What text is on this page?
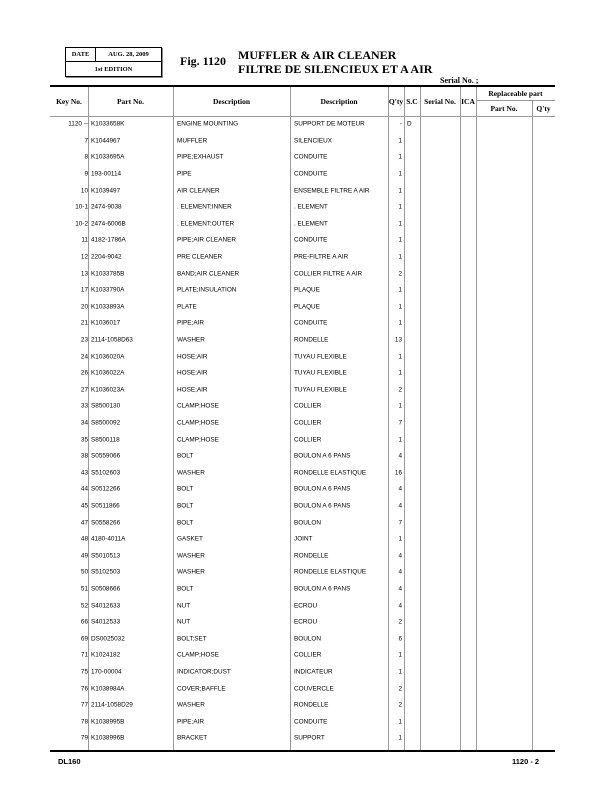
DATE	AUG. 28, 2009
1st EDITION
Fig. 1120 MUFFLER & AIR CLEANER
FILTRE DE SILENCIEUX ET A AIR
Serial No. ;
Key No.	Part No.	Description	Description	Q'ty S.C Serial No. ICA
Replaceable part
Part No.	Q'ty
1120 -- K1033658K	ENGINE MOUNTING	SUPPORT DE MOTEUR	- D
7 K1044967	MUFFLER	SILENCIEUX	1
8 K1033695A	PIPE;EXHAUST	CONDUITE	1
9 193-00114	PIPE	CONDUITE	1
10 K1039497	AIR CLEANER	ENSEMBLE FILTRE A AIR	1
10-1 2474-9038	. ELEMENT;INNER	. ELEMENT	1
10-2 2474-6006B	. ELEMENT;OUTER	. ELEMENT	1
11 4182-1786A	PIPE;AIR CLEANER	CONDUITE	1
12 2204-9042	PRE CLEANER	PRE-FILTRE A AIR	1
13 K1033785B	BAND;AIR CLEANER	COLLIER FILTRE A AIR	2
17 K1033790A	PLATE;INSULATION	PLAQUE	1
20 K1033893A	PLATE	PLAQUE	1
21 K1036017	PIPE;AIR	CONDUITE	1
23 2114-1058D63	WASHER	RONDELLE	13
24 K1036020A	HOSE;AIR	TUYAU FLEXIBLE	1
26 K1036022A	HOSE;AIR	TUYAU FLEXIBLE	1
27 K1036023A	HOSE;AIR	TUYAU FLEXIBLE	2
33 S8500130	CLAMP;HOSE	COLLIER	1
34 S8500092	CLAMP;HOSE	COLLIER	7
35 S8500118	CLAMP;HOSE	COLLIER	1
38 S0559066	BOLT	BOULON A 6 PANS	4
43 S5102603	WASHER	RONDELLE ELASTIQUE	16
44 S0512266	BOLT	BOULON A 6 PANS	4
45 S0511866	BOLT	BOULON A 6 PANS	4
47 S0558266	BOLT	BOULON	7
48 4180-4011A	GASKET	JOINT	1
49 S5010513	WASHER	RONDELLE	4
50 S5102503	WASHER	RONDELLE ELASTIQUE	4
51 S0508666	BOLT	BOULON A 6 PANS	4
52 S4012633	NUT	ECROU	4
66 S4012533	NUT	ECROU	2
69 DS0025032	BOLT;SET	BOULON	6
71 K1024182	CLAMP;HOSE	COLLIER	1
75 170-00004	INDICATOR;DUST	INDICATEUR	1
76 K1038984A	COVER;BAFFLE	COUVERCLE	2
77 2114-1058D29	WASHER	RONDELLE	2
78 K1038995B	PIPE;AIR	CONDUITE	1
79 K1038996B	BRACKET	SUPPORT	1
DL160	1120 - 2
